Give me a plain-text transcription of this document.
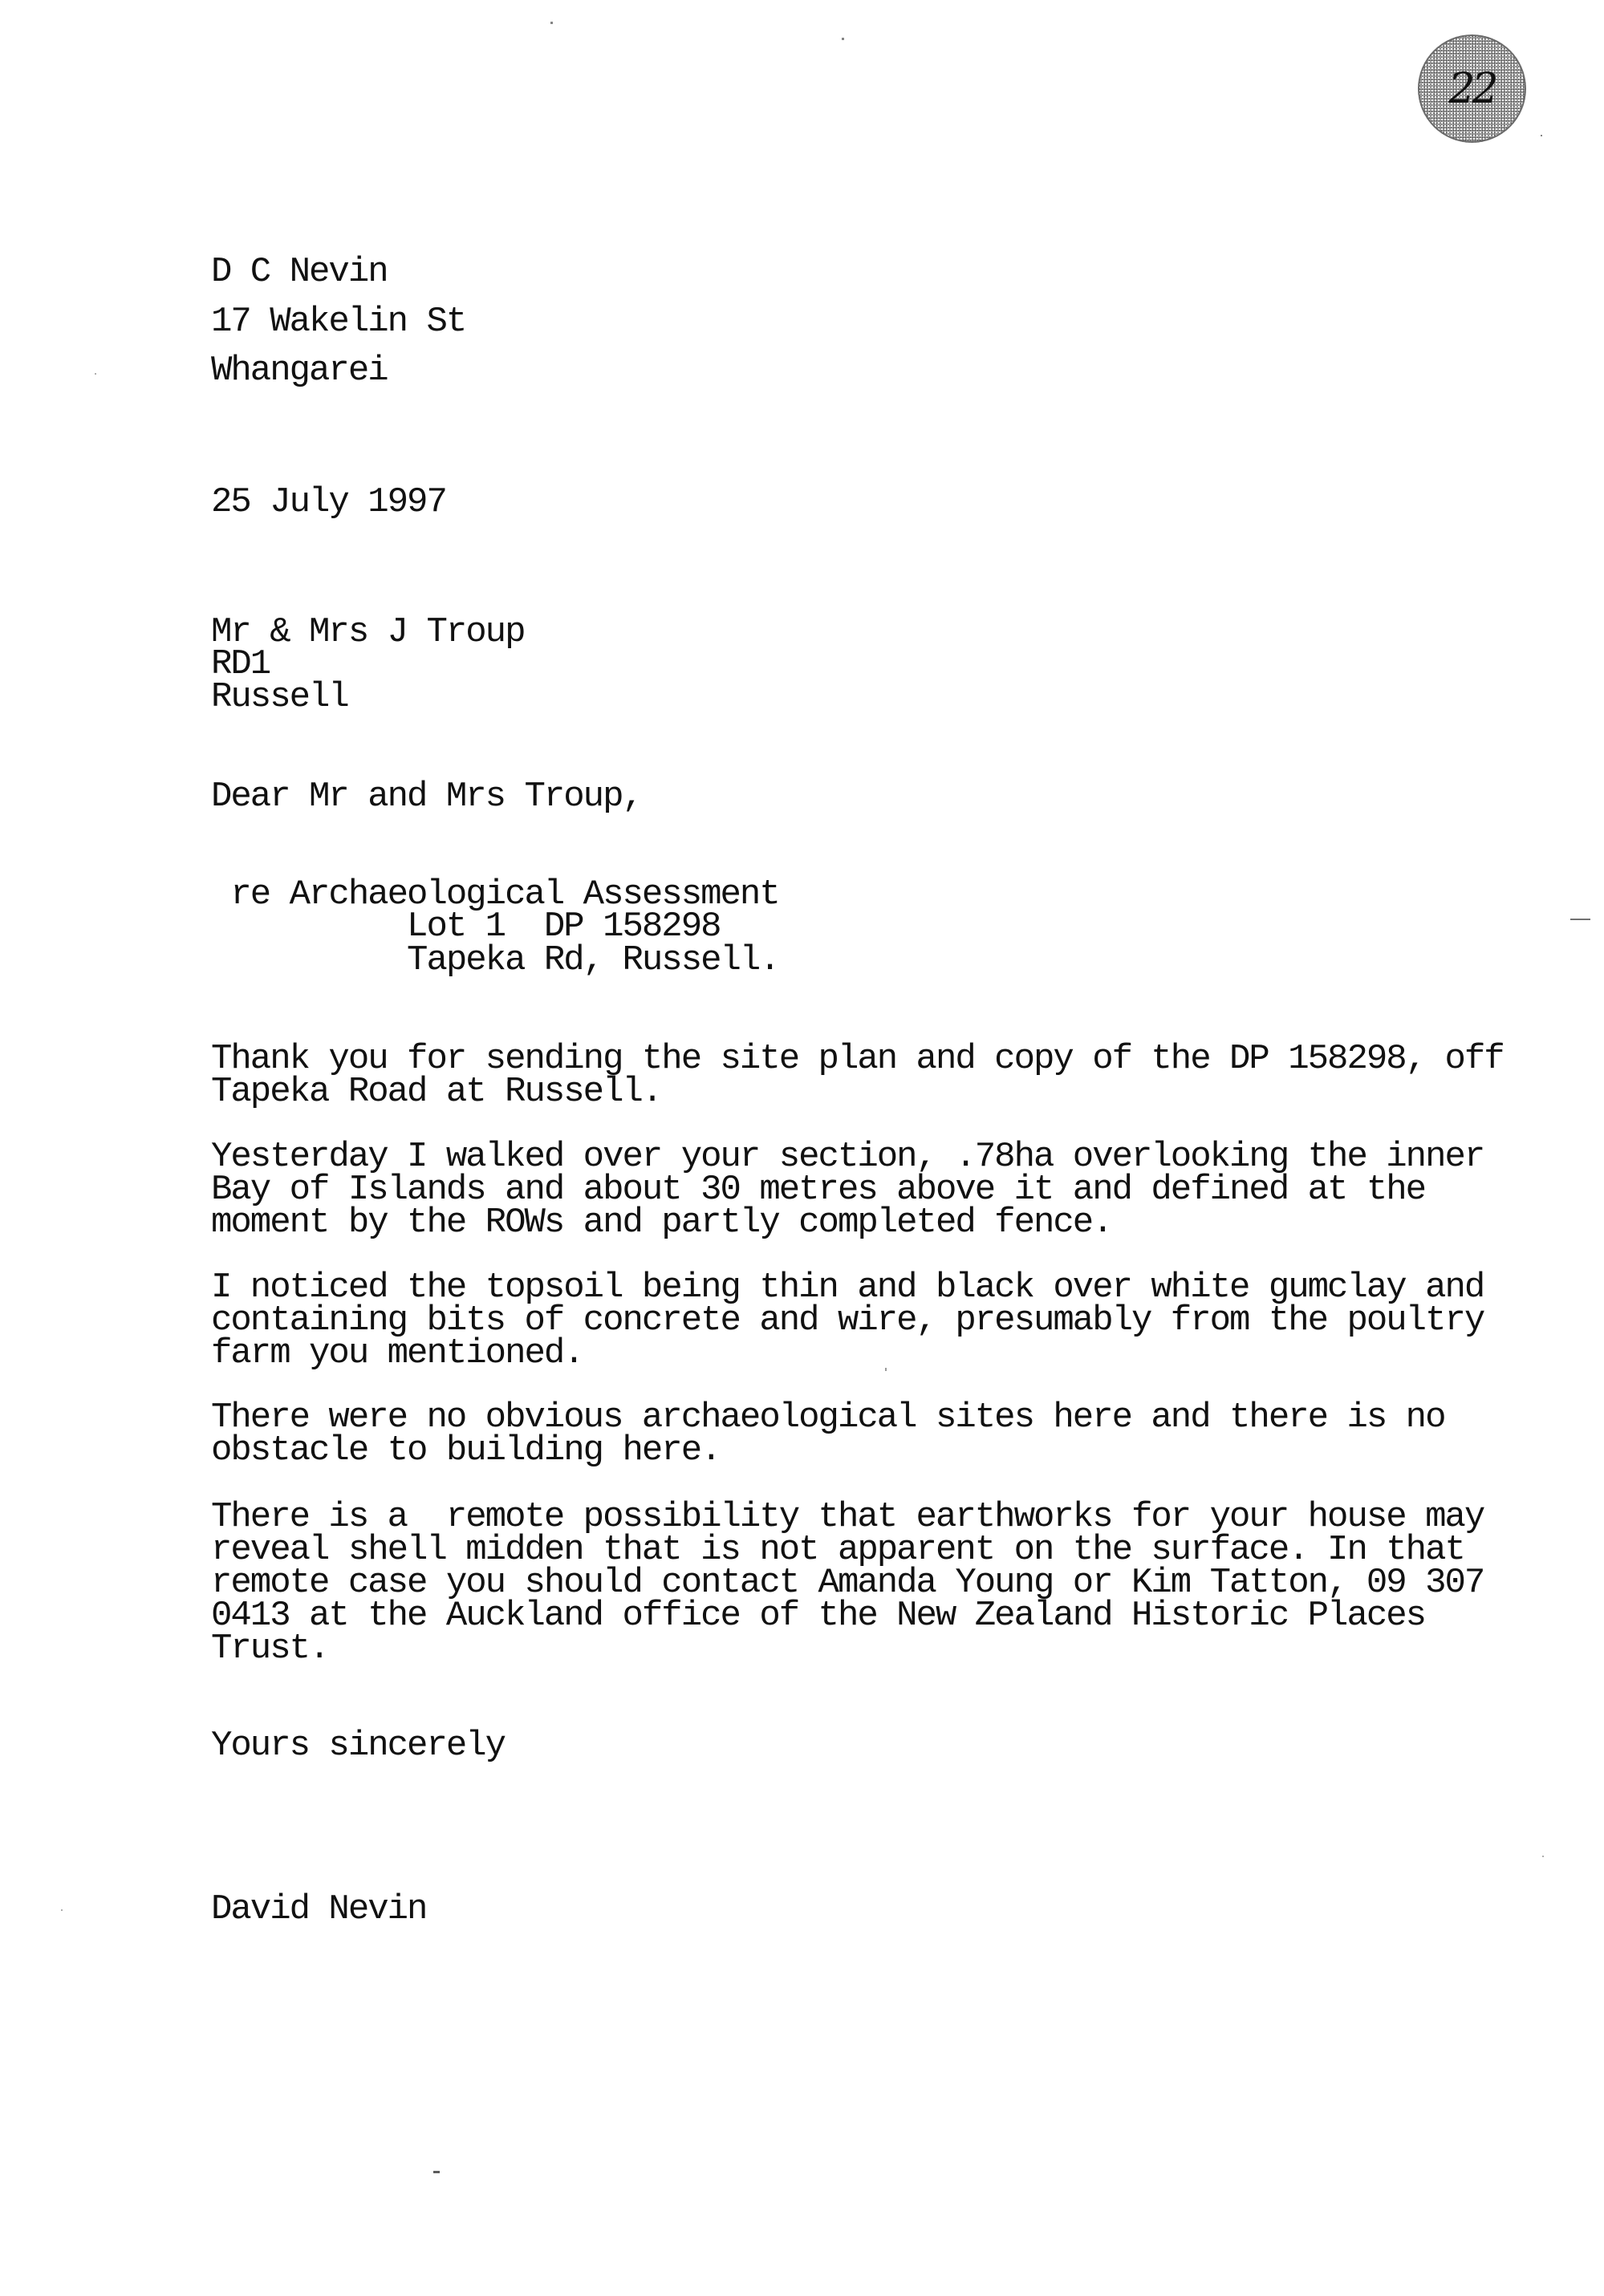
22

D C Nevin

17 Wakelin St

Whangarei

25 July 1997

Mr & Mrs J Troup

RD1

Russell

Dear Mr and Mrs Troup,

re Archaeological Assessment

Lot 1  DP 158298

Tapeka Rd, Russell.

Thank you for sending the site plan and copy of the DP 158298, off
Tapeka Road at Russell.
Yesterday I walked over your section, .78ha overlooking the inner
Bay of Islands and about 30 metres above it and defined at the
moment by the ROWs and partly completed fence.
I noticed the topsoil being thin and black over white gumclay and
containing bits of concrete and wire, presumably from the poultry
farm you mentioned.
There were no obvious archaeological sites here and there is no
obstacle to building here.
There is a  remote possibility that earthworks for your house may
reveal shell midden that is not apparent on the surface. In that
remote case you should contact Amanda Young or Kim Tatton, 09 307
0413 at the Auckland office of the New Zealand Historic Places
Trust.

Yours sincerely

David Nevin
